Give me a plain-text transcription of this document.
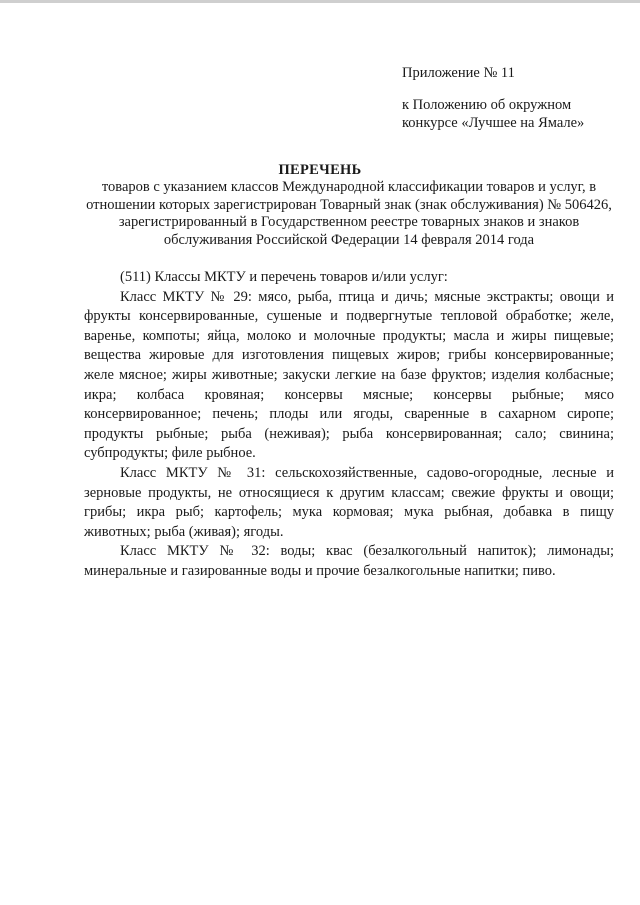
Приложение № 11
к Положению об окружном
конкурсе «Лучшее на Ямале»
ПЕРЕЧЕНЬ
товаров с указанием классов Международной классификации товаров и услуг, в отношении которых зарегистрирован Товарный знак (знак обслуживания) № 506426, зарегистрированный в Государственном реестре товарных знаков и знаков обслуживания Российской Федерации 14 февраля 2014 года

(511) Классы МКТУ и перечень товаров и/или услуг:

Класс МКТУ № 29: мясо, рыба, птица и дичь; мясные экстракты; овощи и фрукты консервированные, сушеные и подвергнутые тепловой обработке; желе, варенье, компоты; яйца, молоко и молочные продукты; масла и жиры пищевые; вещества жировые для изготовления пищевых жиров; грибы консервированные; желе мясное; жиры животные; закуски легкие на базе фруктов; изделия колбасные; икра; колбаса кровяная; консервы мясные; консервы рыбные; мясо консервированное; печень; плоды или ягоды, сваренные в сахарном сиропе; продукты рыбные; рыба (неживая); рыба консервированная; сало; свинина; субпродукты; филе рыбное.

Класс МКТУ № 31: сельскохозяйственные, садово-огородные, лесные и зерновые продукты, не относящиеся к другим классам; свежие фрукты и овощи; грибы; икра рыб; картофель; мука кормовая; мука рыбная, добавка в пищу животных; рыба (живая); ягоды.

Класс МКТУ № 32: воды; квас (безалкогольный напиток); лимонады; минеральные и газированные воды и прочие безалкогольные напитки; пиво.
